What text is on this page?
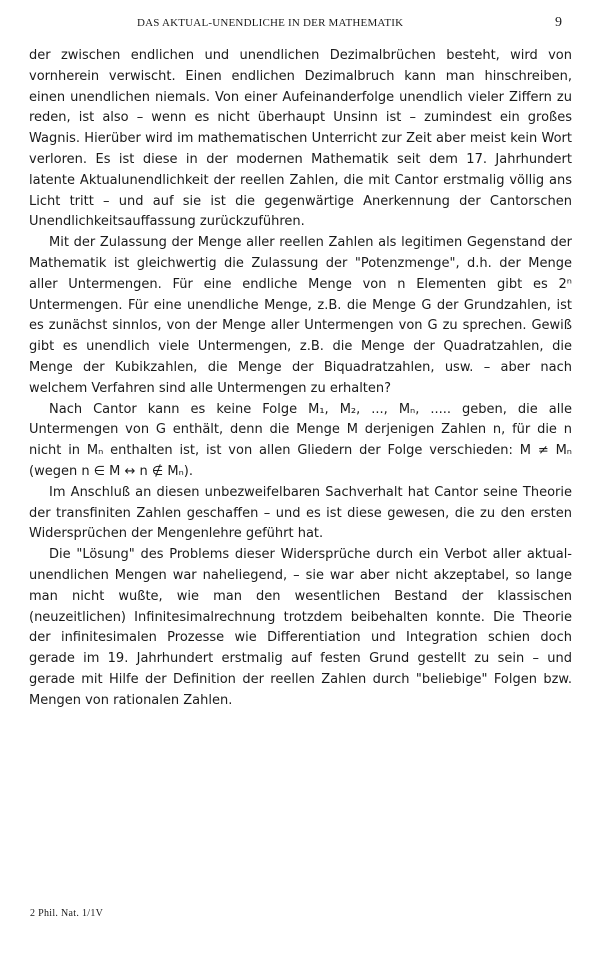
DAS AKTUAL-UNENDLICHE IN DER MATHEMATIK	9

der zwischen endlichen und unendlichen Dezimalbrüchen besteht, wird von vornherein verwischt. Einen endlichen Dezimalbruch kann man hinschreiben, einen unendlichen niemals. Von einer Aufeinanderfolge unendlich vieler Ziffern zu reden, ist also – wenn es nicht überhaupt Unsinn ist – zumindest ein großes Wagnis. Hierüber wird im mathematischen Unterricht zur Zeit aber meist kein Wort verloren. Es ist diese in der modernen Mathematik seit dem 17. Jahrhundert latente Aktualunendlichkeit der reellen Zahlen, die mit Cantor erstmalig völlig ans Licht tritt – und auf sie ist die gegenwärtige Anerkennung der Cantorschen Unendlichkeitsauffassung zurückzuführen.

Mit der Zulassung der Menge aller reellen Zahlen als legitimen Gegenstand der Mathematik ist gleichwertig die Zulassung der "Potenzmenge", d.h. der Menge aller Untermengen. Für eine endliche Menge von n Elementen gibt es 2ⁿ Untermengen. Für eine unendliche Menge, z.B. die Menge G der Grundzahlen, ist es zunächst sinnlos, von der Menge aller Untermengen von G zu sprechen. Gewiß gibt es unendlich viele Untermengen, z.B. die Menge der Quadratzahlen, die Menge der Kubikzahlen, die Menge der Biquadratzahlen, usw. – aber nach welchem Verfahren sind alle Untermengen zu erhalten?

Nach Cantor kann es keine Folge M₁, M₂, ..., Mₙ, ..... geben, die alle Untermengen von G enthält, denn die Menge M derjenigen Zahlen n, für die n nicht in Mₙ enthalten ist, ist von allen Gliedern der Folge verschieden: M ≠ Mₙ (wegen n ∈ M ↔ n ∉ Mₙ).

Im Anschluß an diesen unbezweifelbaren Sachverhalt hat Cantor seine Theorie der transfiniten Zahlen geschaffen – und es ist diese gewesen, die zu den ersten Widersprüchen der Mengenlehre geführt hat.

Die "Lösung" des Problems dieser Widersprüche durch ein Verbot aller aktual-unendlichen Mengen war naheliegend, – sie war aber nicht akzeptabel, so lange man nicht wußte, wie man den wesentlichen Bestand der klassischen (neuzeitlichen) Infinitesimalrechnung trotzdem beibehalten konnte. Die Theorie der infinitesimalen Prozesse wie Differentiation und Integration schien doch gerade im 19. Jahrhundert erstmalig auf festen Grund gestellt zu sein – und gerade mit Hilfe der Definition der reellen Zahlen durch "beliebige" Folgen bzw. Mengen von rationalen Zahlen.

2 Phil. Nat. 1/1V
